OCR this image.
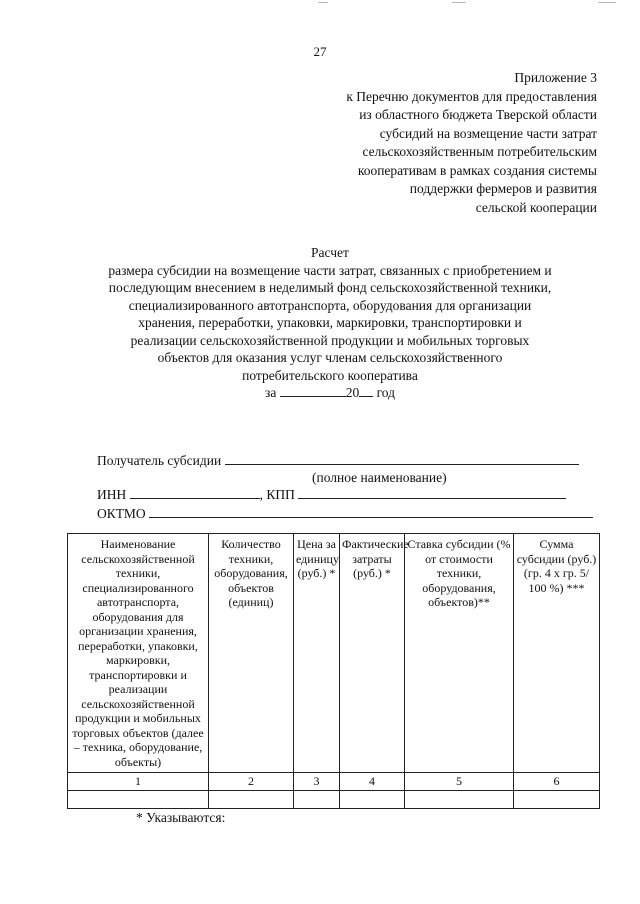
27
Приложение 3
к Перечню документов для предоставления
из областного бюджета Тверской области
субсидий на возмещение части затрат
сельскохозяйственным потребительским
кооперативам в рамках создания системы
поддержки фермеров и развития
сельской кооперации
Расчет
размера субсидии на возмещение части затрат, связанных с приобретением и
последующим внесением в неделимый фонд сельскохозяйственной техники,
специализированного автотранспорта, оборудования для организации
хранения, переработки, упаковки, маркировки, транспортировки и
реализации сельскохозяйственной продукции и мобильных торговых
объектов для оказания услуг членам сельскохозяйственного
потребительского кооператива
за	20 год
Получатель субсидии
(полное наименование)
ИНН	, КПП
ОКТМО
Наименование сельскохозяйственной техники, специализированного автотранспорта, оборудования для организации хранения, переработки, упаковки, маркировки, транспортировки и реализации сельскохозяйственной продукции и мобильных торговых объектов (далее – техника, оборудование, объекты)	Количество техники, оборудования, объектов (единиц)	Цена за единицу (руб.) *	Фактические затраты (руб.) *	Ставка субсидии (% от стоимости техники, оборудования, объектов)**	Сумма субсидии (руб.) (гр. 4 х гр. 5/ 100 %) ***
1	2	3	4	5	6

* Указываются:
